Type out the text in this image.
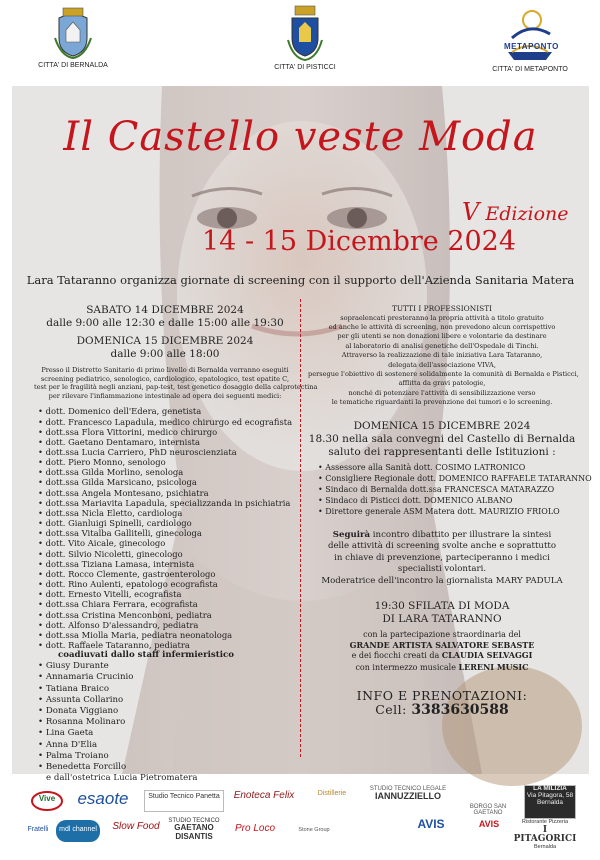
CITTA' DI BERNALDA	CITTA' DI PISTICCI
METAPONTO
CITTA' DI METAPONTO
Il Castello veste Moda
V Edizione
14 - 15 Dicembre 2024
Lara Tataranno organizza giornate di screening con il supporto dell'Azienda Sanitaria Matera
SABATO 14 DICEMBRE 2024
dalle 9:00 alle 12:30 e dalle 15:00 alle 19:30
DOMENICA 15 DICEMBRE 2024
dalle 9:00 alle 18:00
Presso il Distretto Sanitario di primo livello di Bernalda verranno eseguiti
screening pediatrico, senologico, cardiologico, epatologico, test epatite C,
test per le fragilità negli anziani, pap-test, test genetico dosaggio della calprotectina
per rilevare l'infiammazione intestinale ad opera dei seguenti medici:
• dott. Domenico dell'Edera, genetista
• dott. Francesco Lapadula, medico chirurgo ed ecografista
• dott.ssa Flora Vittorini, medico chirurgo
• dott. Gaetano Dentamaro, internista
• dott.ssa Lucia Carriero, PhD neuroscienziata
• dott. Piero Monno, senologo
• dott.ssa Gilda Morlino, senologa
• dott.ssa Gilda Marsicano, psicologa
• dott.ssa Angela Montesano, psichiatra
• dott.ssa Mariavita Lapadula, specializzanda in psichiatria
• dott.ssa Nicla Eletto, cardiologa
• dott. Gianluigi Spinelli, cardiologo
• dott.ssa Vitalba Gallitelli, ginecologa
• dott. Vito Aicale, ginecologo
• dott. Silvio Nicoletti, ginecologo
• dott.ssa Tiziana Lamasa, internista
• dott. Rocco Clemente, gastroenterologo
• dott. Rino Aulenti, epatologo ecografista
• dott. Ernesto Vitelli, ecografista
• dott.ssa Chiara Ferrara, ecografista
• dott.ssa Cristina Menconboni, pediatra
• dott. Alfonso D'alessandro, pediatra
• dott.ssa Miolla Maria, pediatra neonatologa
• dott. Raffaele Tataranno, pediatra
coadiuvati dallo staff infermieristico
• Giusy Durante
• Annamaria Crucinio
• Tatiana Braico
• Assunta Collarino
• Donata Viggiano
• Rosanna Molinaro
• Lina Gaeta
• Anna D'Elia
• Palma Troiano
• Benedetta Forcillo
e dall'ostetrica Lucia Pietromatera
TUTTI I PROFESSIONISTI
sopraelencati presteranno la propria attività a titolo gratuito
ed anche le attività di screening, non prevedono alcun corrispettivo
per gli utenti se non donazioni libere e volontarie da destinare
al laboratorio di analisi genetiche dell'Ospedale di Tinchi.
Attraverso la realizzazione di tale iniziativa Lara Tataranno,
delegata dell'associazione VIVA,
persegue l'obiettivo di sostenere solidalmente la comunità di Bernalda e Pisticci,
afflitta da gravi patologie,
nonché di potenziare l'attività di sensibilizzazione verso
le tematiche riguardanti la prevenzione dei tumori e lo screening.
DOMENICA 15 DICEMBRE 2024
18.30 nella sala convegni del Castello di Bernalda
saluto dei rappresentanti delle Istituzioni :
• Assessore alla Sanità dott. COSIMO LATRONICO
• Consigliere Regionale dott. DOMENICO RAFFAELE TATARANNO
• Sindaco di Bernalda dott.ssa FRANCESCA MATARAZZO
• Sindaco di Pisticci dott. DOMENICO ALBANO
• Direttore generale ASM Matera dott. MAURIZIO FRIOLO
Seguirà incontro dibattito per illustrare la sintesi
delle attività di screening svolte anche e soprattutto
in chiave di prevenzione, parteciperanno i medici
specialisti volontari.
Moderatrice dell'incontro la giornalista MARY PADULA
19:30 SFILATA DI MODA
DI LARA TATARANNO
con la partecipazione straordinaria del
GRANDE ARTISTA SALVATORE SEBASTE
e dei fiocchi creati da CLAUDIA SELVAGGI
con intermezzo musicale LERENI MUSIC
INFO E PRENOTAZIONI:
Cell: 3383630588
Vive	esaote	Studio Tecnico Panetta	Enoteca Felix	Distillerie
STUDIO TECNICO LEGALE
IANNUZZIELLO
BORGO SAN GAETANO
LA MILIZIA
Via Pitagora, 58
Bernalda
Fratelli	mdl channel	Slow Food	STUDIO TECNICO
GAETANO DISANTIS
Pro Loco	Stone Group	AVIS	AVIS	Ristorante Pizzeria
I PITAGORICI
Bernalda
